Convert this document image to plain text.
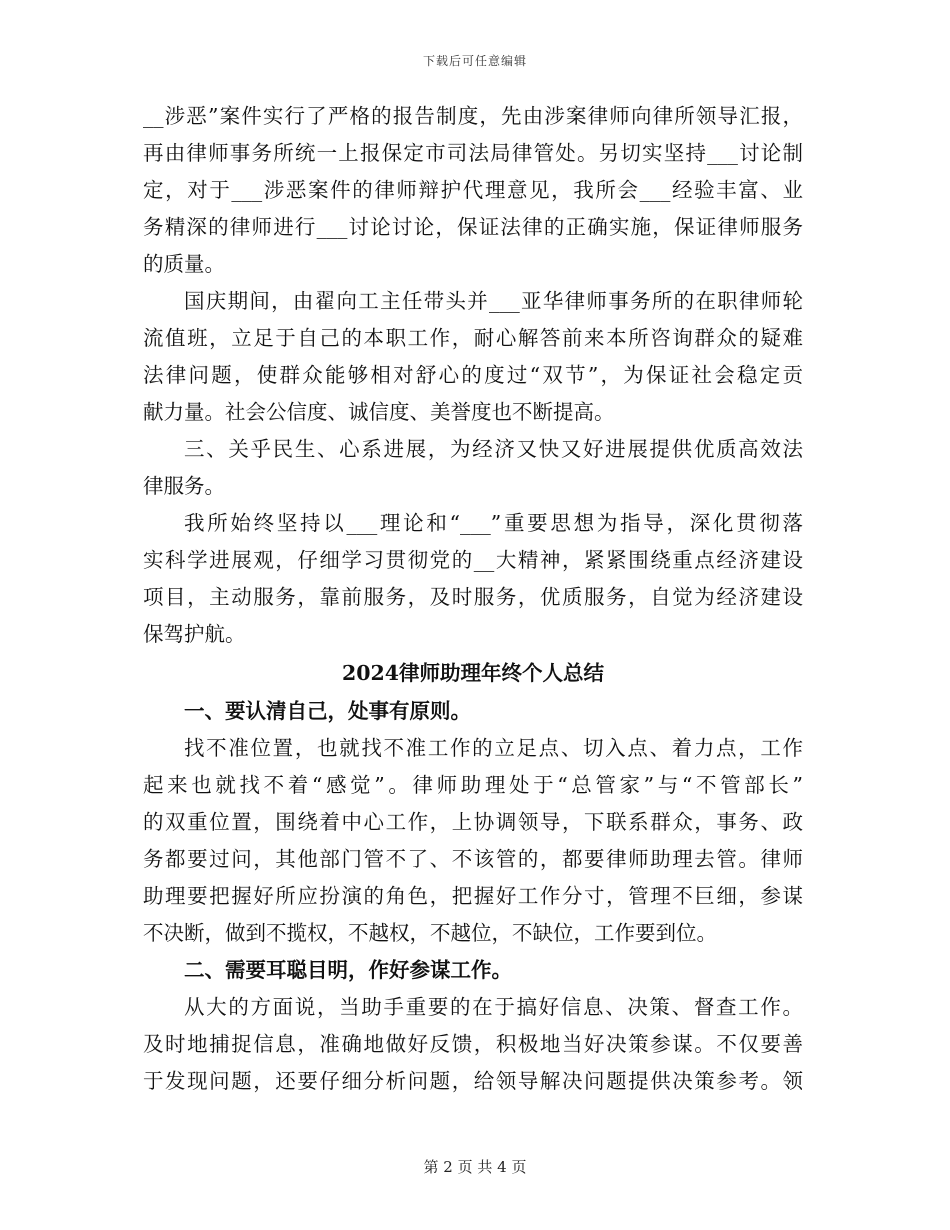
下载后可任意编辑
__涉恶”案件实行了严格的报告制度，先由涉案律师向律所领导汇报，
再由律师事务所统一上报保定市司法局律管处。另切实坚持___讨论制
定，对于___涉恶案件的律师辩护代理意见，我所会___经验丰富、业
务精深的律师进行___讨论讨论，保证法律的正确实施，保证律师服务
的质量。
国庆期间，由翟向工主任带头并___亚华律师事务所的在职律师轮
流值班，立足于自己的本职工作，耐心解答前来本所咨询群众的疑难
法律问题，使群众能够相对舒心的度过“双节”，为保证社会稳定贡
献力量。社会公信度、诚信度、美誉度也不断提高。
三、关乎民生、心系进展，为经济又快又好进展提供优质高效法
律服务。
我所始终坚持以___理论和“___”重要思想为指导，深化贯彻落
实科学进展观，仔细学习贯彻党的__大精神，紧紧围绕重点经济建设
项目，主动服务，靠前服务，及时服务，优质服务，自觉为经济建设
保驾护航。
2024律师助理年终个人总结
一、要认清自己，处事有原则。
找不准位置，也就找不准工作的立足点、切入点、着力点，工作
起来也就找不着“感觉”。律师助理处于“总管家”与“不管部长”
的双重位置，围绕着中心工作，上协调领导，下联系群众，事务、政
务都要过问，其他部门管不了、不该管的，都要律师助理去管。律师
助理要把握好所应扮演的角色，把握好工作分寸，管理不巨细，参谋
不决断，做到不揽权，不越权，不越位，不缺位，工作要到位。
二、需要耳聪目明，作好参谋工作。
从大的方面说，当助手重要的在于搞好信息、决策、督查工作。
及时地捕捉信息，准确地做好反馈，积极地当好决策参谋。不仅要善
于发现问题，还要仔细分析问题，给领导解决问题提供决策参考。领
第 2 页 共 4 页
